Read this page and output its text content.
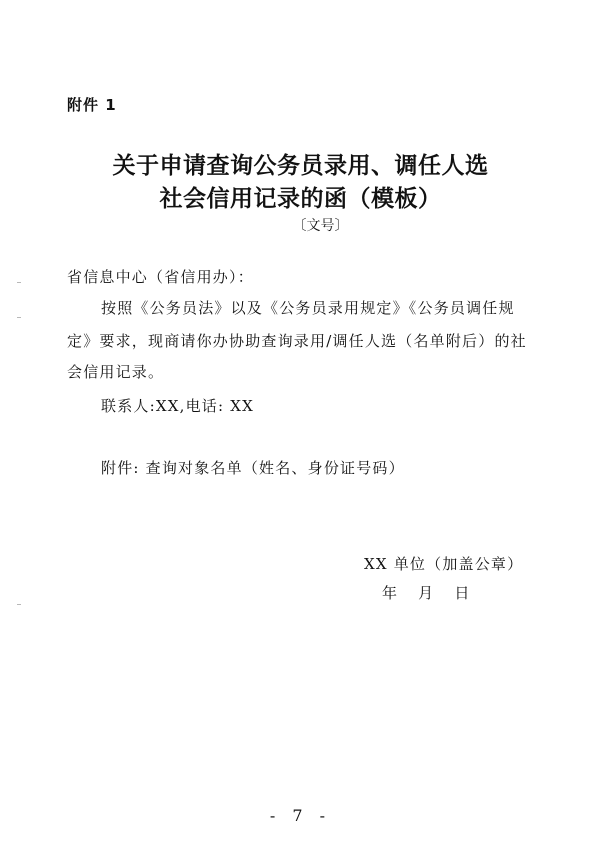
附件 1
关于申请查询公务员录用、调任人选
社会信用记录的函（模板）
〔文号〕
省信息中心（省信用办）：
按照《公务员法》以及《公务员录用规定》《公务员调任规
定》要求，现商请你办协助查询录用/调任人选（名单附后）的社
会信用记录。
联系人:XX,电话: XX
附件: 查询对象名单（姓名、身份证号码）
XX 单位（加盖公章）
年 月 日
- 7 -
